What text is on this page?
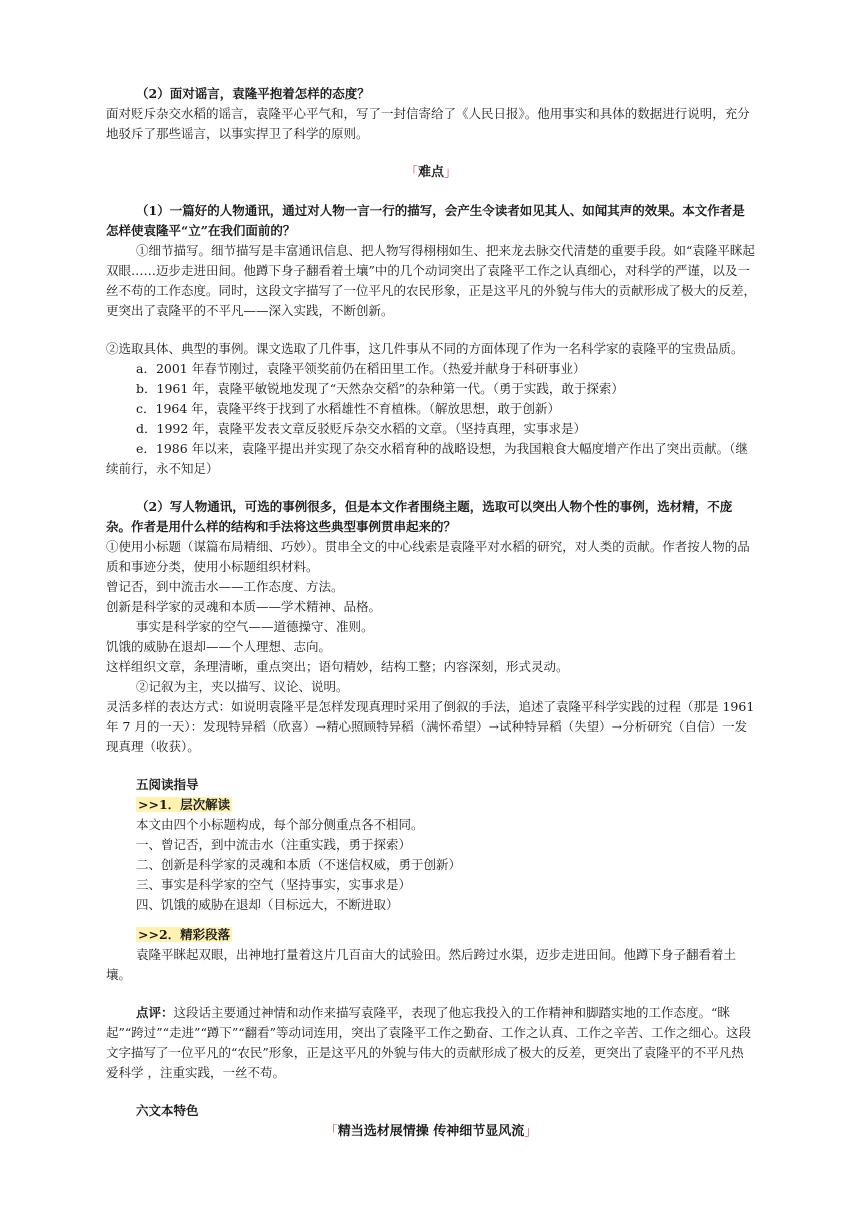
（2）面对谣言，袁隆平抱着怎样的态度？

面对贬斥杂交水稻的谣言，袁隆平心平气和，写了一封信寄给了《人民日报》。他用事实和具体的数据进行说明，充分地驳斥了那些谣言，以事实捍卫了科学的原则。

「难点」

（1）一篇好的人物通讯，通过对人物一言一行的描写，会产生令读者如见其人、如闻其声的效果。本文作者是怎样使袁隆平“立”在我们面前的？

①细节描写。细节描写是丰富通讯信息、把人物写得栩栩如生、把来龙去脉交代清楚的重要手段。如“袁隆平眯起双眼……迈步走进田间。他蹲下身子翻看着土壤”中的几个动词突出了袁隆平工作之认真细心，对科学的严谨，以及一丝不苟的工作态度。同时，这段文字描写了一位平凡的农民形象，正是这平凡的外貌与伟大的贡献形成了极大的反差，更突出了袁隆平的不平凡——深入实践，不断创新。

②选取具体、典型的事例。课文选取了几件事，这几件事从不同的方面体现了作为一名科学家的袁隆平的宝贵品质。

a．2001 年春节刚过，袁隆平领奖前仍在稻田里工作。（热爱并献身于科研事业）

b．1961 年，袁隆平敏锐地发现了“天然杂交稻”的杂种第一代。（勇于实践，敢于探索）

c．1964 年，袁隆平终于找到了水稻雄性不育植株。（解放思想，敢于创新）

d．1992 年，袁隆平发表文章反驳贬斥杂交水稻的文章。（坚持真理，实事求是）

e．1986 年以来，袁隆平提出并实现了杂交水稻育种的战略设想，为我国粮食大幅度增产作出了突出贡献。（继续前行，永不知足）

（2）写人物通讯，可选的事例很多，但是本文作者围绕主题，选取可以突出人物个性的事例，选材精，不庞杂。作者是用什么样的结构和手法将这些典型事例贯串起来的？

①使用小标题（谋篇布局精细、巧妙）。贯串全文的中心线索是袁隆平对水稻的研究，对人类的贡献。作者按人物的品质和事迹分类，使用小标题组织材料。

曾记否，到中流击水——工作态度、方法。

创新是科学家的灵魂和本质——学术精神、品格。

事实是科学家的空气——道德操守、准则。

饥饿的威胁在退却——个人理想、志向。

这样组织文章，条理清晰，重点突出；语句精妙，结构工整；内容深刻，形式灵动。

②记叙为主，夹以描写、议论、说明。

灵活多样的表达方式：如说明袁隆平是怎样发现真理时采用了倒叙的手法，追述了袁隆平科学实践的过程（那是 1961 年 7 月的一天）：发现特异稻（欣喜）→精心照顾特异稻（满怀希望）→试种特异稻（失望）→分析研究（自信）一发现真理（收获）。

五阅读指导

>>1．层次解读

本文由四个小标题构成，每个部分侧重点各不相同。

一、曾记否，到中流击水（注重实践，勇于探索）

二、创新是科学家的灵魂和本质（不迷信权威，勇于创新）

三、事实是科学家的空气（坚持事实，实事求是）

四、饥饿的威胁在退却（目标远大，不断进取）

>>2．精彩段落

袁隆平眯起双眼，出神地打量着这片几百亩大的试验田。然后跨过水渠，迈步走进田间。他蹲下身子翻看着土壤。

点评：这段话主要通过神情和动作来描写袁隆平，表现了他忘我投入的工作精神和脚踏实地的工作态度。“眯起”“跨过”“走进”“蹲下”“翻看”等动词连用，突出了袁隆平工作之勤奋、工作之认真、工作之辛苦、工作之细心。这段文字描写了一位平凡的“农民”形象，正是这平凡的外貌与伟大的贡献形成了极大的反差，更突出了袁隆平的不平凡热爱科学 ，注重实践，一丝不苟。

六文本特色

「精当选材展情操 传神细节显风流」
